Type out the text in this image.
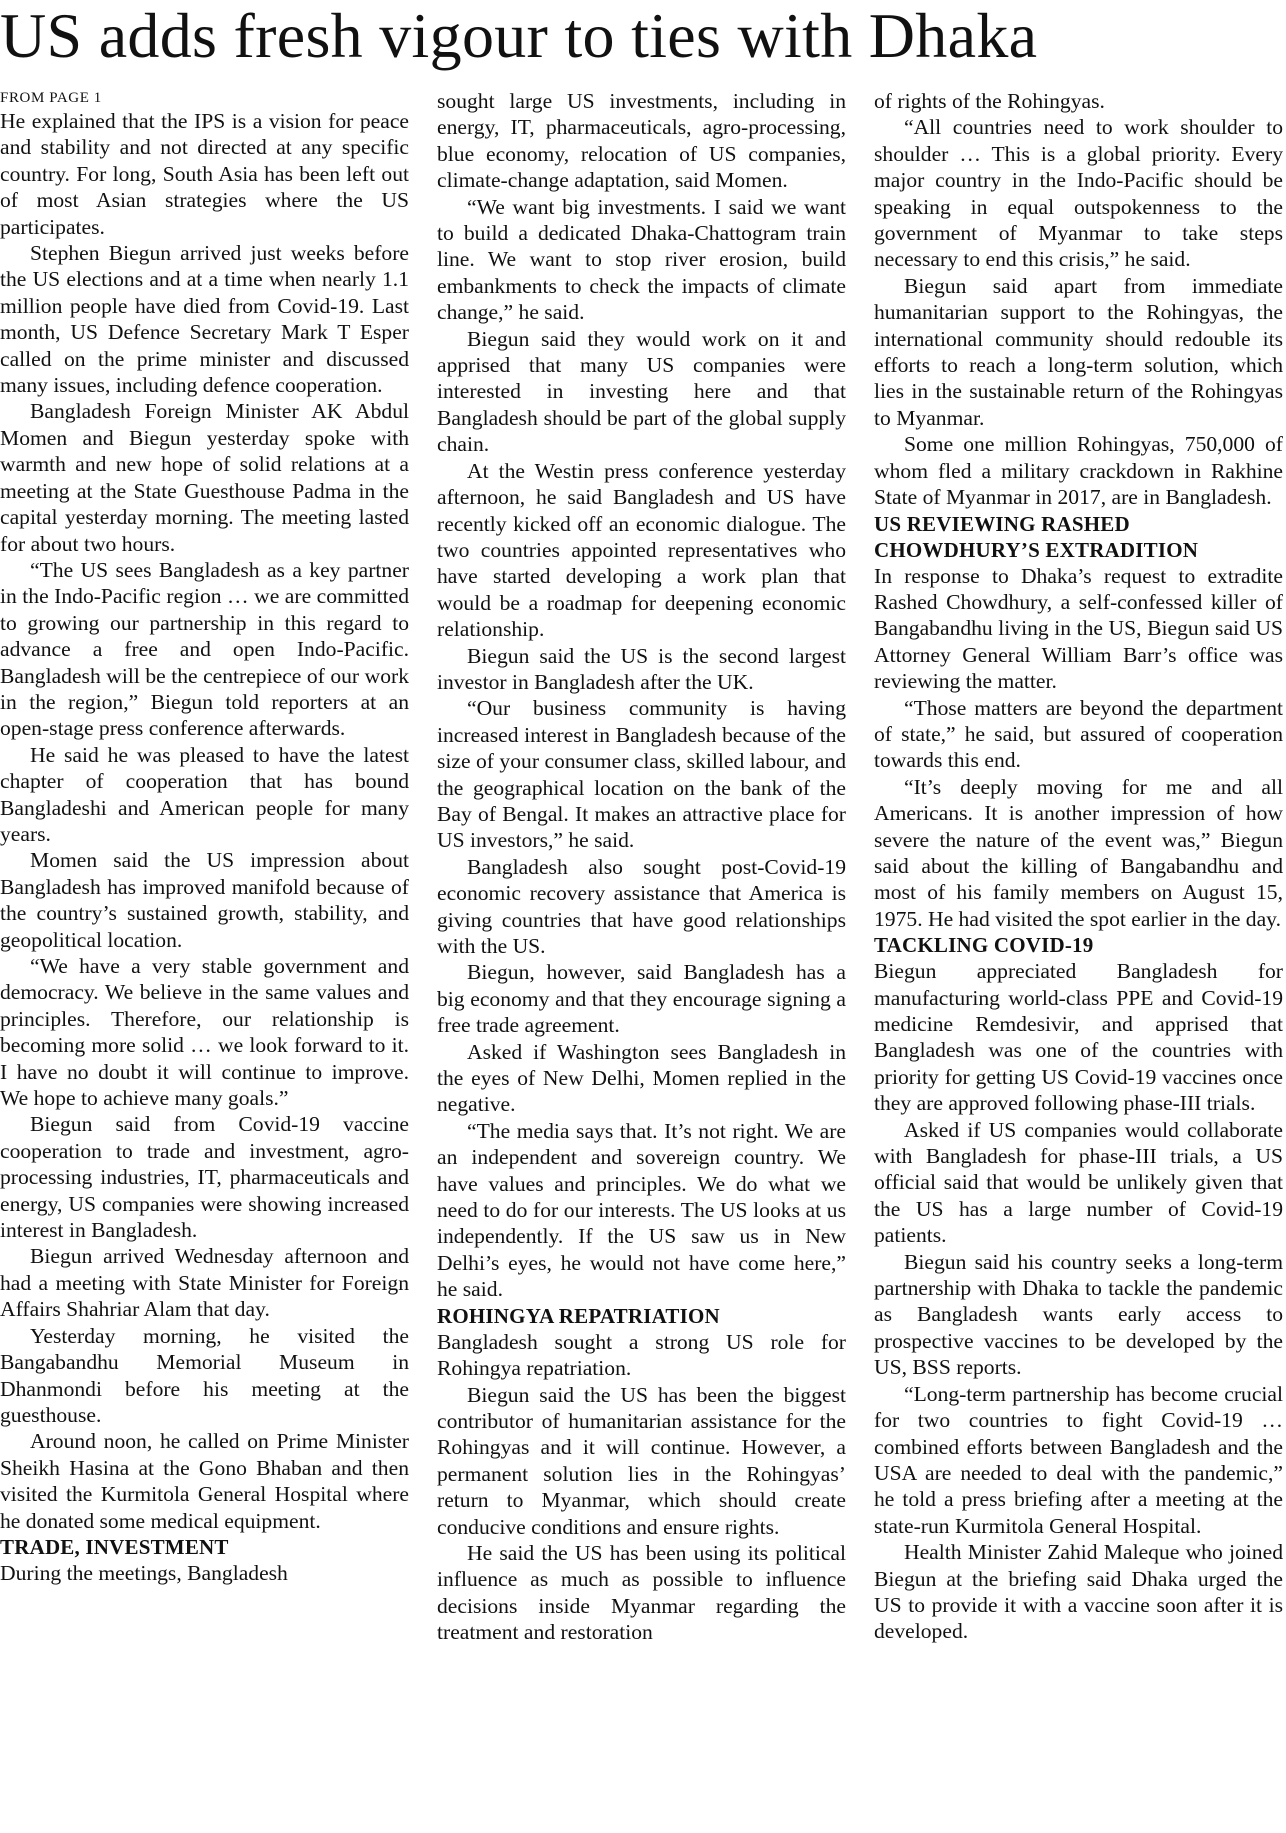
US adds fresh vigour to ties with Dhaka
FROM PAGE 1

He explained that the IPS is a vision for peace and stability and not directed at any specific country. For long, South Asia has been left out of most Asian strategies where the US participates.

Stephen Biegun arrived just weeks before the US elections and at a time when nearly 1.1 million people have died from Covid-19. Last month, US Defence Secretary Mark T Esper called on the prime minister and discussed many issues, including defence cooperation.

Bangladesh Foreign Minister AK Abdul Momen and Biegun yesterday spoke with warmth and new hope of solid relations at a meeting at the State Guesthouse Padma in the capital yesterday morning. The meeting lasted for about two hours.

“The US sees Bangladesh as a key partner in the Indo-Pacific region … we are committed to growing our partnership in this regard to advance a free and open Indo-Pacific. Bangladesh will be the centrepiece of our work in the region,” Biegun told reporters at an open-stage press conference afterwards.

He said he was pleased to have the latest chapter of cooperation that has bound Bangladeshi and American people for many years.

Momen said the US impression about Bangladesh has improved manifold because of the country’s sustained growth, stability, and geopolitical location.

“We have a very stable government and democracy. We believe in the same values and principles. Therefore, our relationship is becoming more solid … we look forward to it. I have no doubt it will continue to improve. We hope to achieve many goals.”

Biegun said from Covid-19 vaccine cooperation to trade and investment, agro-processing industries, IT, pharmaceuticals and energy, US companies were showing increased interest in Bangladesh.

Biegun arrived Wednesday afternoon and had a meeting with State Minister for Foreign Affairs Shahriar Alam that day.

Yesterday morning, he visited the Bangabandhu Memorial Museum in Dhanmondi before his meeting at the guesthouse.

Around noon, he called on Prime Minister Sheikh Hasina at the Gono Bhaban and then visited the Kurmitola General Hospital where he donated some medical equipment.

TRADE, INVESTMENT

During the meetings, Bangladesh

sought large US investments, including in energy, IT, pharmaceuticals, agro-processing, blue economy, relocation of US companies, climate-change adaptation, said Momen.

“We want big investments. I said we want to build a dedicated Dhaka-Chattogram train line. We want to stop river erosion, build embankments to check the impacts of climate change,” he said.

Biegun said they would work on it and apprised that many US companies were interested in investing here and that Bangladesh should be part of the global supply chain.

At the Westin press conference yesterday afternoon, he said Bangladesh and US have recently kicked off an economic dialogue. The two countries appointed representatives who have started developing a work plan that would be a roadmap for deepening economic relationship.

Biegun said the US is the second largest investor in Bangladesh after the UK.

“Our business community is having increased interest in Bangladesh because of the size of your consumer class, skilled labour, and the geographical location on the bank of the Bay of Bengal. It makes an attractive place for US investors,” he said.

Bangladesh also sought post-Covid-19 economic recovery assistance that America is giving countries that have good relationships with the US.

Biegun, however, said Bangladesh has a big economy and that they encourage signing a free trade agreement.

Asked if Washington sees Bangladesh in the eyes of New Delhi, Momen replied in the negative.

“The media says that. It’s not right. We are an independent and sovereign country. We have values and principles. We do what we need to do for our interests. The US looks at us independently. If the US saw us in New Delhi’s eyes, he would not have come here,” he said.

ROHINGYA REPATRIATION

Bangladesh sought a strong US role for Rohingya repatriation.

Biegun said the US has been the biggest contributor of humanitarian assistance for the Rohingyas and it will continue. However, a permanent solution lies in the Rohingyas’ return to Myanmar, which should create conducive conditions and ensure rights.

He said the US has been using its political influence as much as possible to influence decisions inside Myanmar regarding the treatment and restoration

of rights of the Rohingyas.

“All countries need to work shoulder to shoulder … This is a global priority. Every major country in the Indo-Pacific should be speaking in equal outspokenness to the government of Myanmar to take steps necessary to end this crisis,” he said.

Biegun said apart from immediate humanitarian support to the Rohingyas, the international community should redouble its efforts to reach a long-term solution, which lies in the sustainable return of the Rohingyas to Myanmar.

Some one million Rohingyas, 750,000 of whom fled a military crackdown in Rakhine State of Myanmar in 2017, are in Bangladesh.

US REVIEWING RASHED CHOWDHURY’S EXTRADITION

In response to Dhaka’s request to extradite Rashed Chowdhury, a self-confessed killer of Bangabandhu living in the US, Biegun said US Attorney General William Barr’s office was reviewing the matter.

“Those matters are beyond the department of state,” he said, but assured of cooperation towards this end.

“It’s deeply moving for me and all Americans. It is another impression of how severe the nature of the event was,” Biegun said about the killing of Bangabandhu and most of his family members on August 15, 1975. He had visited the spot earlier in the day.

TACKLING COVID-19

Biegun appreciated Bangladesh for manufacturing world-class PPE and Covid-19 medicine Remdesivir, and apprised that Bangladesh was one of the countries with priority for getting US Covid-19 vaccines once they are approved following phase-III trials.

Asked if US companies would collaborate with Bangladesh for phase-III trials, a US official said that would be unlikely given that the US has a large number of Covid-19 patients.

Biegun said his country seeks a long-term partnership with Dhaka to tackle the pandemic as Bangladesh wants early access to prospective vaccines to be developed by the US, BSS reports.

“Long-term partnership has become crucial for two countries to fight Covid-19 … combined efforts between Bangladesh and the USA are needed to deal with the pandemic,” he told a press briefing after a meeting at the state-run Kurmitola General Hospital.

Health Minister Zahid Maleque who joined Biegun at the briefing said Dhaka urged the US to provide it with a vaccine soon after it is developed.
